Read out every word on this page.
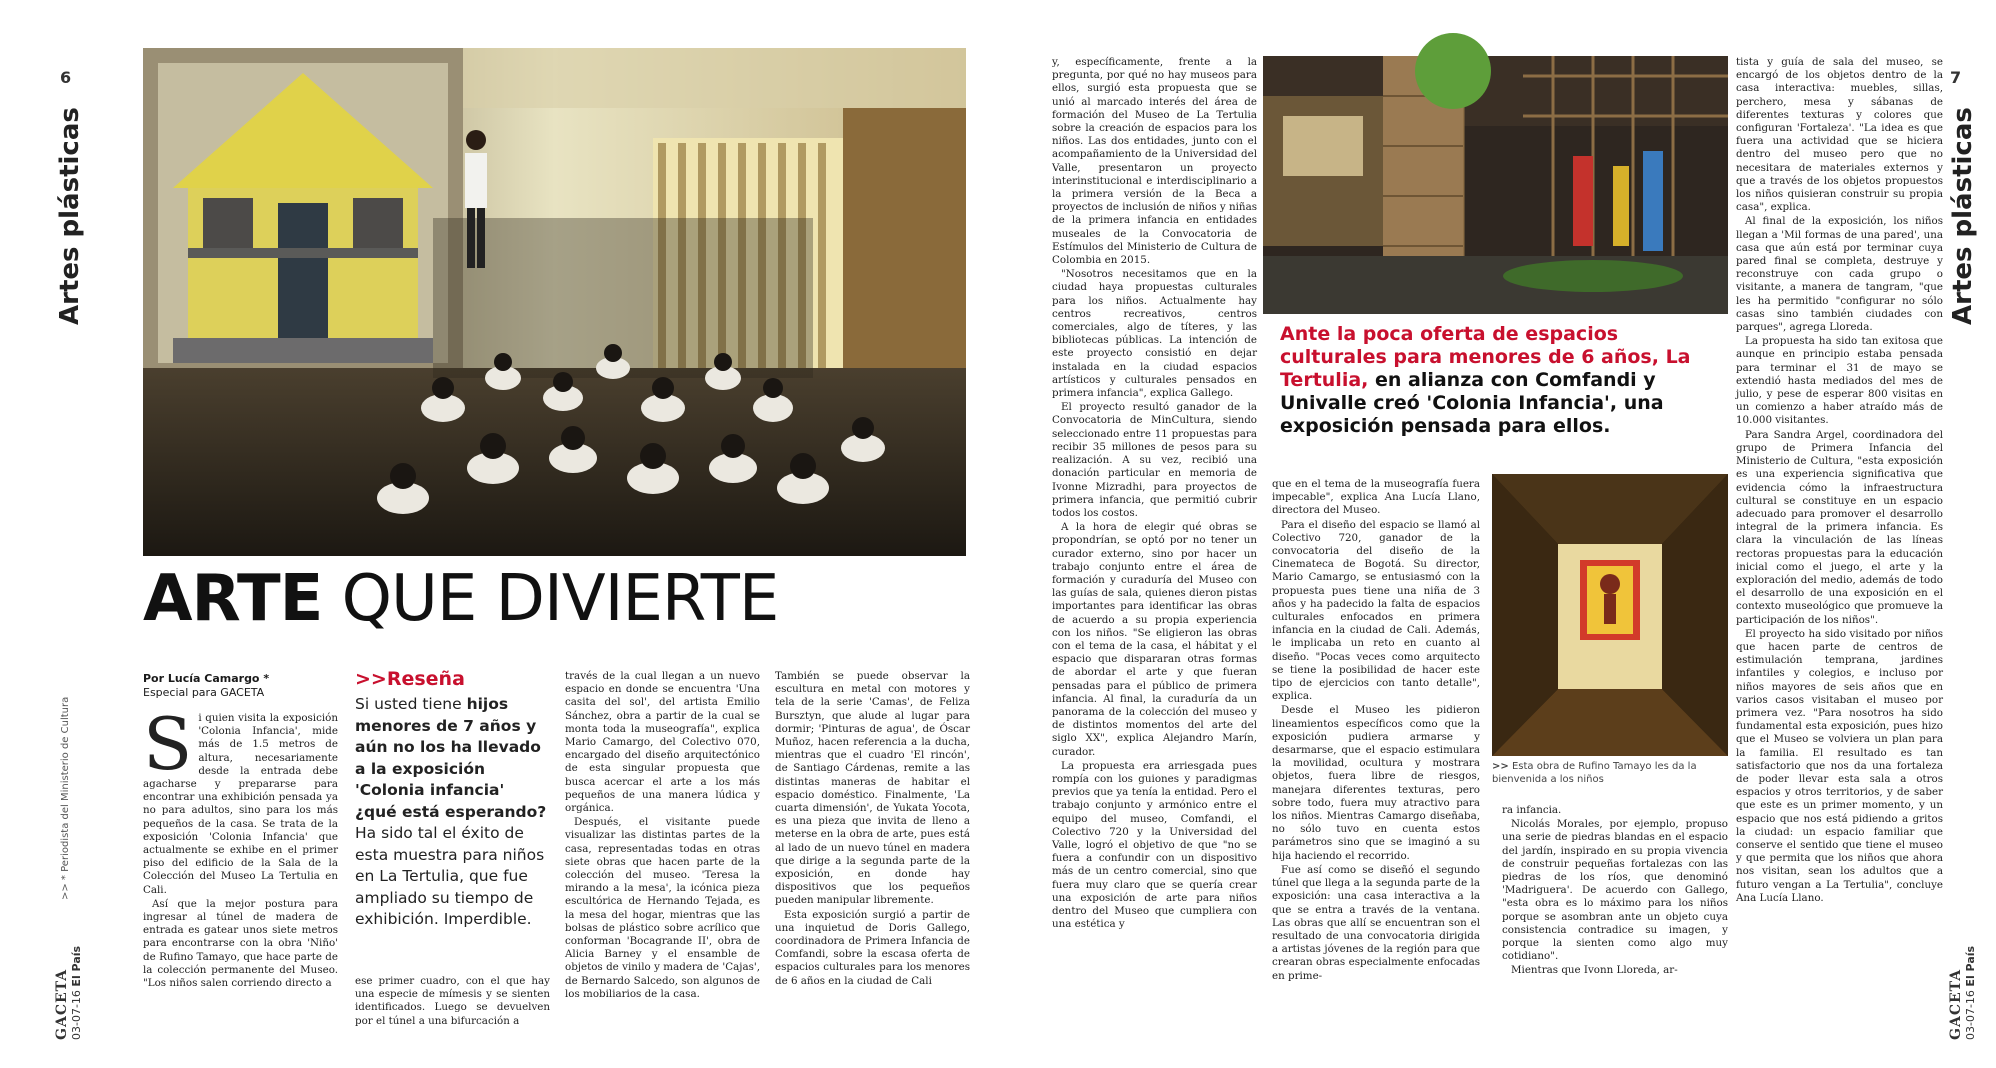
6
Artes plásticas
>> * Periodista del Ministerio de Cultura
GACETA 03-07-16 El País
ARTE QUE DIVIERTE
Por Lucía Camargo *
Especial para GACETA

Si quien visita la exposición 'Colonia Infancia', mide más de 1.5 metros de altura, necesariamente desde la entrada debe agacharse y prepararse para encontrar una exhibición pensada ya no para adultos, sino para los más pequeños de la casa. Se trata de la exposición 'Colonia Infancia' que actualmente se exhibe en el primer piso del edificio de la Sala de la Colección del Museo La Tertulia en Cali.

Así que la mejor postura para ingresar al túnel de madera de entrada es gatear unos siete metros para encontrarse con la obra 'Niño' de Rufino Tamayo, que hace parte de la colección permanente del Museo. "Los niños salen corriendo directo a

>>Reseña
Si usted tiene hijos menores de 7 años y aún no los ha llevado a la exposición 'Colonia infancia' ¿qué está esperando? Ha sido tal el éxito de esta muestra para niños en La Tertulia, que fue ampliado su tiempo de exhibición. Imperdible.

ese primer cuadro, con el que hay una especie de mímesis y se sienten identificados. Luego se devuelven por el túnel a una bifurcación a

través de la cual llegan a un nuevo espacio en donde se encuentra 'Una casita del sol', del artista Emilio Sánchez, obra a partir de la cual se monta toda la museografía", explica Mario Camargo, del Colectivo 070, encargado del diseño arquitectónico de esta singular propuesta que busca acercar el arte a los más pequeños de una manera lúdica y orgánica.

Después, el visitante puede visualizar las distintas partes de la casa, representadas todas en otras siete obras que hacen parte de la colección del museo. 'Teresa la mirando a la mesa', la icónica pieza escultórica de Hernando Tejada, es la mesa del hogar, mientras que las bolsas de plástico sobre acrílico que conforman 'Bocagrande II', obra de Alicia Barney y el ensamble de objetos de vinilo y madera de 'Cajas', de Bernardo Salcedo, son algunos de los mobiliarios de la casa.

También se puede observar la escultura en metal con motores y tela de la serie 'Camas', de Feliza Bursztyn, que alude al lugar para dormir; 'Pinturas de agua', de Óscar Muñoz, hacen referencia a la ducha, mientras que el cuadro 'El rincón', de Santiago Cárdenas, remite a las distintas maneras de habitar el espacio doméstico. Finalmente, 'La cuarta dimensión', de Yukata Yocota, es una pieza que invita de lleno a meterse en la obra de arte, pues está al lado de un nuevo túnel en madera que dirige a la segunda parte de la exposición, en donde hay dispositivos que los pequeños pueden manipular libremente.

Esta exposición surgió a partir de una inquietud de Doris Gallego, coordinadora de Primera Infancia de Comfandi, sobre la escasa oferta de espacios culturales para los menores de 6 años en la ciudad de Cali

y, específicamente, frente a la pregunta, por qué no hay museos para ellos, surgió esta propuesta que se unió al marcado interés del área de formación del Museo de La Tertulia sobre la creación de espacios para los niños. Las dos entidades, junto con el acompañamiento de la Universidad del Valle, presentaron un proyecto interinstitucional e interdisciplinario a la primera versión de la Beca a proyectos de inclusión de niños y niñas de la primera infancia en entidades museales de la Convocatoria de Estímulos del Ministerio de Cultura de Colombia en 2015.

"Nosotros necesitamos que en la ciudad haya propuestas culturales para los niños. Actualmente hay centros recreativos, centros comerciales, algo de títeres, y las bibliotecas públicas. La intención de este proyecto consistió en dejar instalada en la ciudad espacios artísticos y culturales pensados en primera infancia", explica Gallego.

El proyecto resultó ganador de la Convocatoria de MinCultura, siendo seleccionado entre 11 propuestas para recibir 35 millones de pesos para su realización. A su vez, recibió una donación particular en memoria de Ivonne Mizradhi, para proyectos de primera infancia, que permitió cubrir todos los costos.

A la hora de elegir qué obras se propondrían, se optó por no tener un curador externo, sino por hacer un trabajo conjunto entre el área de formación y curaduría del Museo con las guías de sala, quienes dieron pistas importantes para identificar las obras de acuerdo a su propia experiencia con los niños. "Se eligieron las obras con el tema de la casa, el hábitat y el espacio que dispararan otras formas de abordar el arte y que fueran pensadas para el público de primera infancia. Al final, la curaduría da un panorama de la colección del museo y de distintos momentos del arte del siglo XX", explica Alejandro Marín, curador.

La propuesta era arriesgada pues rompía con los guiones y paradigmas previos que ya tenía la entidad. Pero el trabajo conjunto y armónico entre el equipo del museo, Comfandi, el Colectivo 720 y la Universidad del Valle, logró el objetivo de que "no se fuera a confundir con un dispositivo más de un centro comercial, sino que fuera muy claro que se quería crear una exposición de arte para niños dentro del Museo que cumpliera con una estética y

Ante la poca oferta de espacios culturales para menores de 6 años, La Tertulia, en alianza con Comfandi y Univalle creó 'Colonia Infancia', una exposición pensada para ellos.

que en el tema de la museografía fuera impecable", explica Ana Lucía Llano, directora del Museo.

Para el diseño del espacio se llamó al Colectivo 720, ganador de la convocatoria del diseño de la Cinemateca de Bogotá. Su director, Mario Camargo, se entusiasmó con la propuesta pues tiene una niña de 3 años y ha padecido la falta de espacios culturales enfocados en primera infancia en la ciudad de Cali. Además, le implicaba un reto en cuanto al diseño. "Pocas veces como arquitecto se tiene la posibilidad de hacer este tipo de ejercicios con tanto detalle", explica.

Desde el Museo les pidieron lineamientos específicos como que la exposición pudiera armarse y desarmarse, que el espacio estimulara la movilidad, ocultura y mostrara objetos, fuera libre de riesgos, manejara diferentes texturas, pero sobre todo, fuera muy atractivo para los niños. Mientras Camargo diseñaba, no sólo tuvo en cuenta estos parámetros sino que se imaginó a su hija haciendo el recorrido.

Fue así como se diseñó el segundo túnel que llega a la segunda parte de la exposición: una casa interactiva a la que se entra a través de la ventana. Las obras que allí se encuentran son el resultado de una convocatoria dirigida a artistas jóvenes de la región para que crearan obras especialmente enfocadas en prime-

>> Esta obra de Rufino Tamayo les da la bienvenida a los niños

ra infancia.

Nicolás Morales, por ejemplo, propuso una serie de piedras blandas en el espacio del jardín, inspirado en su propia vivencia de construir pequeñas fortalezas con las piedras de los ríos, que denominó 'Madriguera'. De acuerdo con Gallego, "esta obra es lo máximo para los niños porque se asombran ante un objeto cuya consistencia contradice su imagen, y porque la sienten como algo muy cotidiano".

Mientras que Ivonn Lloreda, ar-

tista y guía de sala del museo, se encargó de los objetos dentro de la casa interactiva: muebles, sillas, perchero, mesa y sábanas de diferentes texturas y colores que configuran 'Fortaleza'. "La idea es que fuera una actividad que se hiciera dentro del museo pero que no necesitara de materiales externos y que a través de los objetos propuestos los niños quisieran construir su propia casa", explica.

Al final de la exposición, los niños llegan a 'Mil formas de una pared', una casa que aún está por terminar cuya pared final se completa, destruye y reconstruye con cada grupo o visitante, a manera de tangram, "que les ha permitido "configurar no sólo casas sino también ciudades con parques", agrega Lloreda.

La propuesta ha sido tan exitosa que aunque en principio estaba pensada para terminar el 31 de mayo se extendió hasta mediados del mes de julio, y pese de esperar 800 visitas en un comienzo a haber atraído más de 10.000 visitantes.

Para Sandra Argel, coordinadora del grupo de Primera Infancia del Ministerio de Cultura, "esta exposición es una experiencia significativa que evidencia cómo la infraestructura cultural se constituye en un espacio adecuado para promover el desarrollo integral de la primera infancia. Es clara la vinculación de las líneas rectoras propuestas para la educación inicial como el juego, el arte y la exploración del medio, además de todo el desarrollo de una exposición en el contexto museológico que promueve la participación de los niños".

El proyecto ha sido visitado por niños que hacen parte de centros de estimulación temprana, jardines infantiles y colegios, e incluso por niños mayores de seis años que en varios casos visitaban el museo por primera vez. "Para nosotros ha sido fundamental esta exposición, pues hizo que el Museo se volviera un plan para la familia. El resultado es tan satisfactorio que nos da una fortaleza de poder llevar esta sala a otros espacios y otros territorios, y de saber que este es un primer momento, y un espacio que nos está pidiendo a gritos la ciudad: un espacio familiar que conserve el sentido que tiene el museo y que permita que los niños que ahora nos visitan, sean los adultos que a futuro vengan a La Tertulia", concluye Ana Lucía Llano.

7
Artes plásticas
GACETA 03-07-16 El País
